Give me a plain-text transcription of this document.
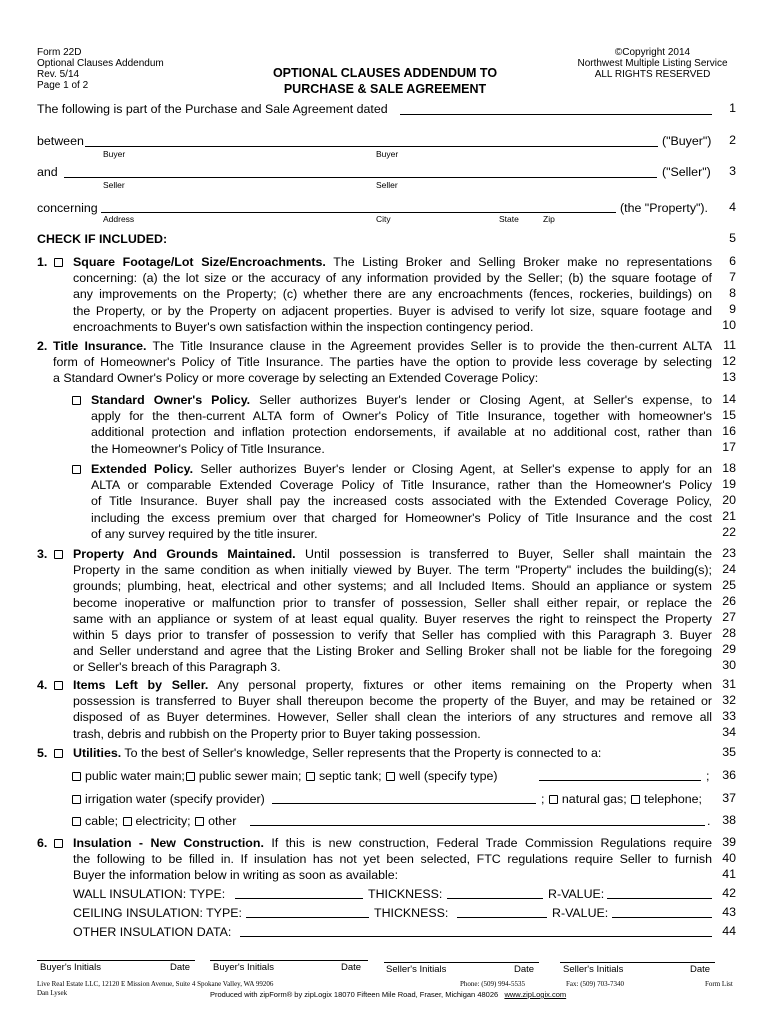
Form 22D
Optional Clauses Addendum
Rev. 5/14
Page 1 of 2
OPTIONAL CLAUSES ADDENDUM TO
PURCHASE & SALE AGREEMENT
©Copyright 2014
Northwest Multiple Listing Service
ALL RIGHTS RESERVED
1
2
3
4
5
6
7
8
9
10
11
12
13
14
15
16
17
18
19
20
21
22
23
24
25
26
27
28
29
30
31
32
33
34
35
36
37
38
39
40
41
42
43
44
The following is part of the Purchase and Sale Agreement dated
between	("Buyer")
Buyer	Buyer
and	("Seller")
Seller	Seller
concerning	(the "Property").
Address	City	State	Zip
CHECK IF INCLUDED:
1. Square Footage/Lot Size/Encroachments. The Listing Broker and Selling Broker make no representations
concerning: (a) the lot size or the accuracy of any information provided by the Seller; (b) the square footage of
any improvements on the Property; (c) whether there are any encroachments (fences, rockeries, buildings) on
the Property, or by the Property on adjacent properties. Buyer is advised to verify lot size, square footage and
encroachments to Buyer's own satisfaction within the inspection contingency period.
2. Title Insurance. The Title Insurance clause in the Agreement provides Seller is to provide the then-current ALTA
form of Homeowner's Policy of Title Insurance. The parties have the option to provide less coverage by selecting
a Standard Owner's Policy or more coverage by selecting an Extended Coverage Policy:
Standard Owner's Policy. Seller authorizes Buyer's lender or Closing Agent, at Seller's expense, to
apply for the then-current ALTA form of Owner's Policy of Title Insurance, together with homeowner's
additional protection and inflation protection endorsements, if available at no additional cost, rather than
the Homeowner's Policy of Title Insurance.
Extended Policy. Seller authorizes Buyer's lender or Closing Agent, at Seller's expense to apply for an
ALTA or comparable Extended Coverage Policy of Title Insurance, rather than the Homeowner's Policy
of Title Insurance. Buyer shall pay the increased costs associated with the Extended Coverage Policy,
including the excess premium over that charged for Homeowner's Policy of Title Insurance and the cost
of any survey required by the title insurer.
3. Property And Grounds Maintained. Until possession is transferred to Buyer, Seller shall maintain the
Property in the same condition as when initially viewed by Buyer. The term "Property" includes the building(s);
grounds; plumbing, heat, electrical and other systems; and all Included Items. Should an appliance or system
become inoperative or malfunction prior to transfer of possession, Seller shall either repair, or replace the
same with an appliance or system of at least equal quality. Buyer reserves the right to reinspect the Property
within 5 days prior to transfer of possession to verify that Seller has complied with this Paragraph 3. Buyer
and Seller understand and agree that the Listing Broker and Selling Broker shall not be liable for the foregoing
or Seller's breach of this Paragraph 3.
4. Items Left by Seller. Any personal property, fixtures or other items remaining on the Property when
possession is transferred to Buyer shall thereupon become the property of the Buyer, and may be retained or
disposed of as Buyer determines. However, Seller shall clean the interiors of any structures and remove all
trash, debris and rubbish on the Property prior to Buyer taking possession.
5. Utilities. To the best of Seller's knowledge, Seller represents that the Property is connected to a:
public water main; public sewer main; septic tank; well (specify type)	;
irrigation water (specify provider)	; natural gas; telephone;
cable; electricity; other	.
6. Insulation - New Construction. If this is new construction, Federal Trade Commission Regulations require
the following to be filled in. If insulation has not yet been selected, FTC regulations require Seller to furnish
Buyer the information below in writing as soon as available:
WALL INSULATION: TYPE:	THICKNESS:	R-VALUE:
CEILING INSULATION: TYPE:	THICKNESS:	R-VALUE:
OTHER INSULATION DATA:
Buyer's Initials	Date Buyer's Initials	Date	Seller's Initials	Date	Seller's Initials	Date
Live Real Estate LLC, 12120 E Mission Avenue, Suite 4 Spokane Valley, WA 99206
Dan Lysek
Phone: (509) 994-5535	Fax: (509) 703-7340	Form List
Produced with zipForm® by zipLogix 18070 Fifteen Mile Road, Fraser, Michigan 48026 www.zipLogix.com
